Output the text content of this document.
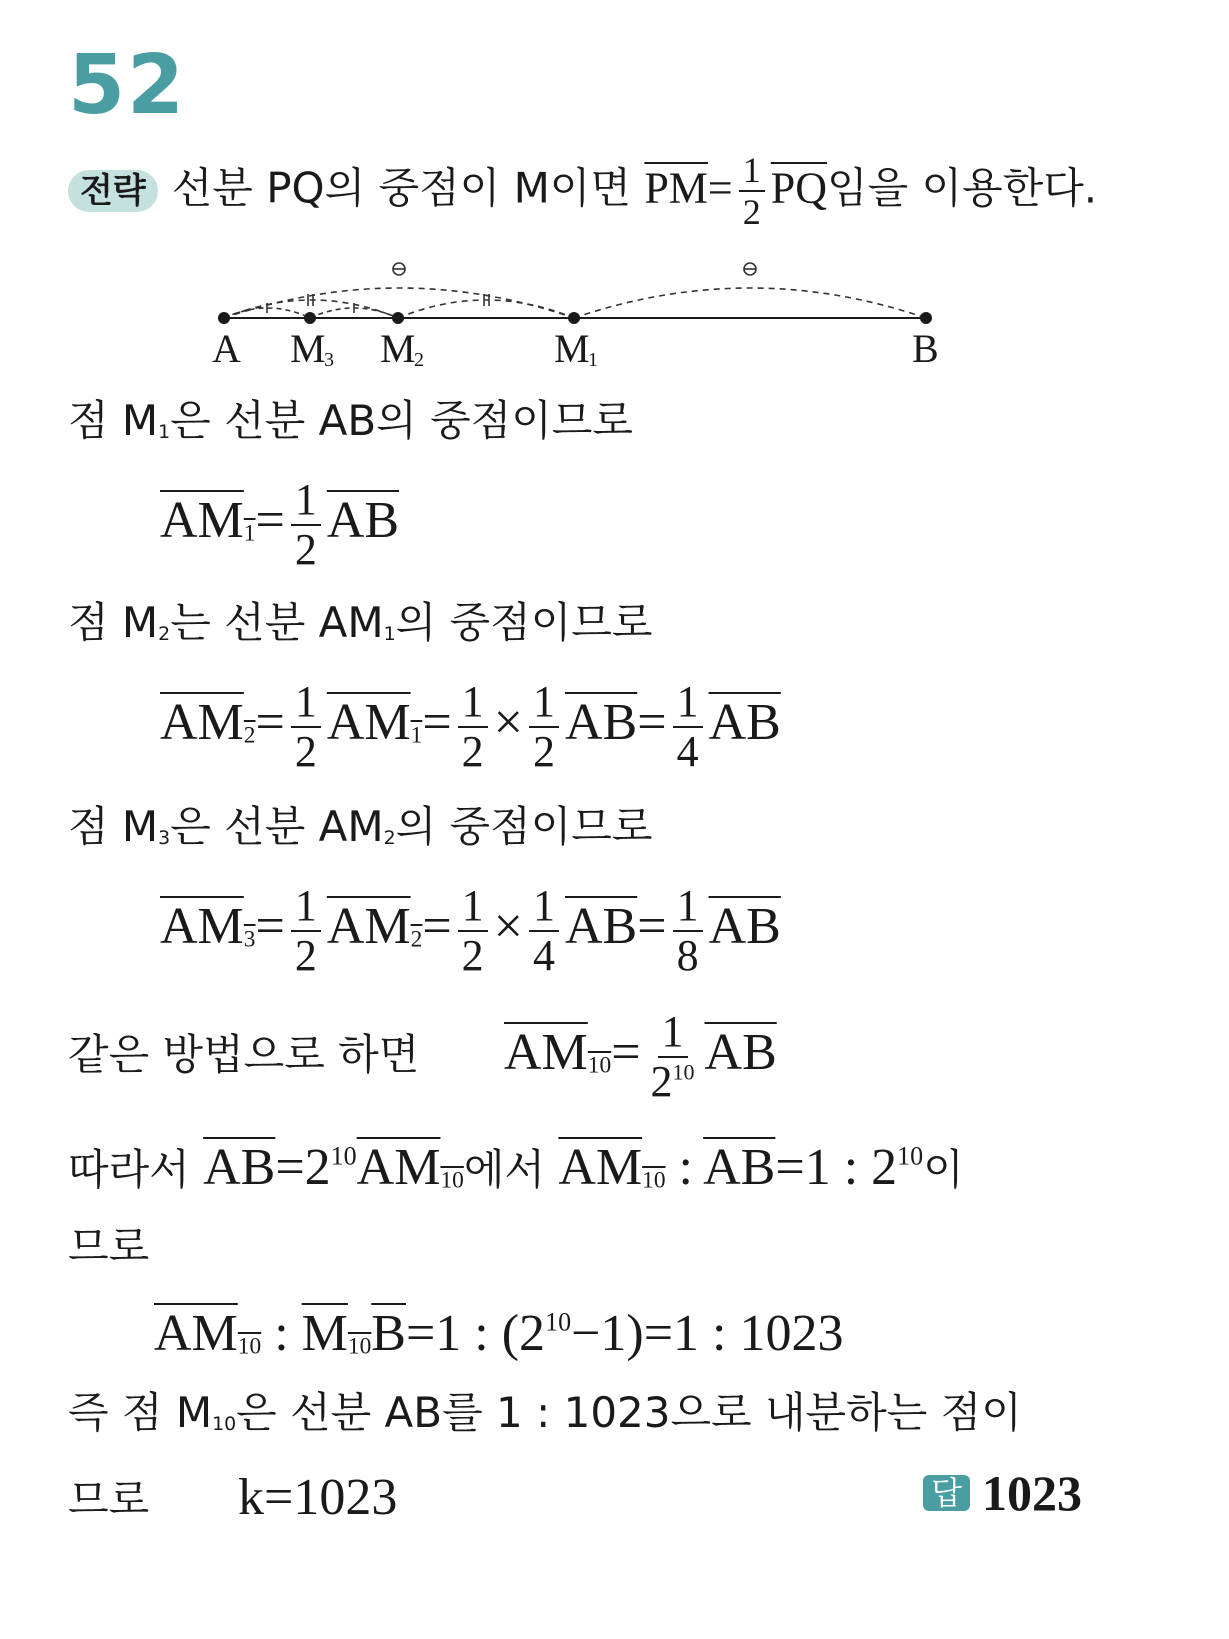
52
전략 선분 PQ의 중점이 M이면 $\overline{PM}= \frac{1}{2} \overline{PQ}$임을 이용한다.
A M
3 M
2	M
1	B
점 $M_1$은 선분 AB의 중점이므로
$\overline{AM}_1= \frac{1}{2} \overline{AB}$
점 $M_2$는 선분 $AM_1$의 중점이므로
$\overline{AM}_2= \frac{1}{2} \overline{AM}_1= \frac{1}{2} \times \frac{1}{2} \overline{AB}= \frac{1}{4} \overline{AB}$
점 $M_3$은 선분 $AM_2$의 중점이므로
$\overline{AM}_3= \frac{1}{2} \overline{AM}_2= \frac{1}{2} \times \frac{1}{4} \overline{AB}= \frac{1}{8} \overline{AB}$
같은 방법으로 하면 $\overline{AM}_{10}= \frac{1}{2^{10}} \overline{AB}$
따라서 $\overline{AB}=2^{10}\overline{AM}_{10}$에서 $\overline{AM}_{10}$ : $\overline{AB}=1$ : $2^{10}$이
므로
$\overline{AM}_{10}$ : $\overline{M}_{10}\overline{B}=1$ : $(2^{10}-1)=1$ : 1023
즉 점 $M_{10}$은 선분 AB를 1 : 1023으로 내분하는 점이
므로 k=1023	답 1023
